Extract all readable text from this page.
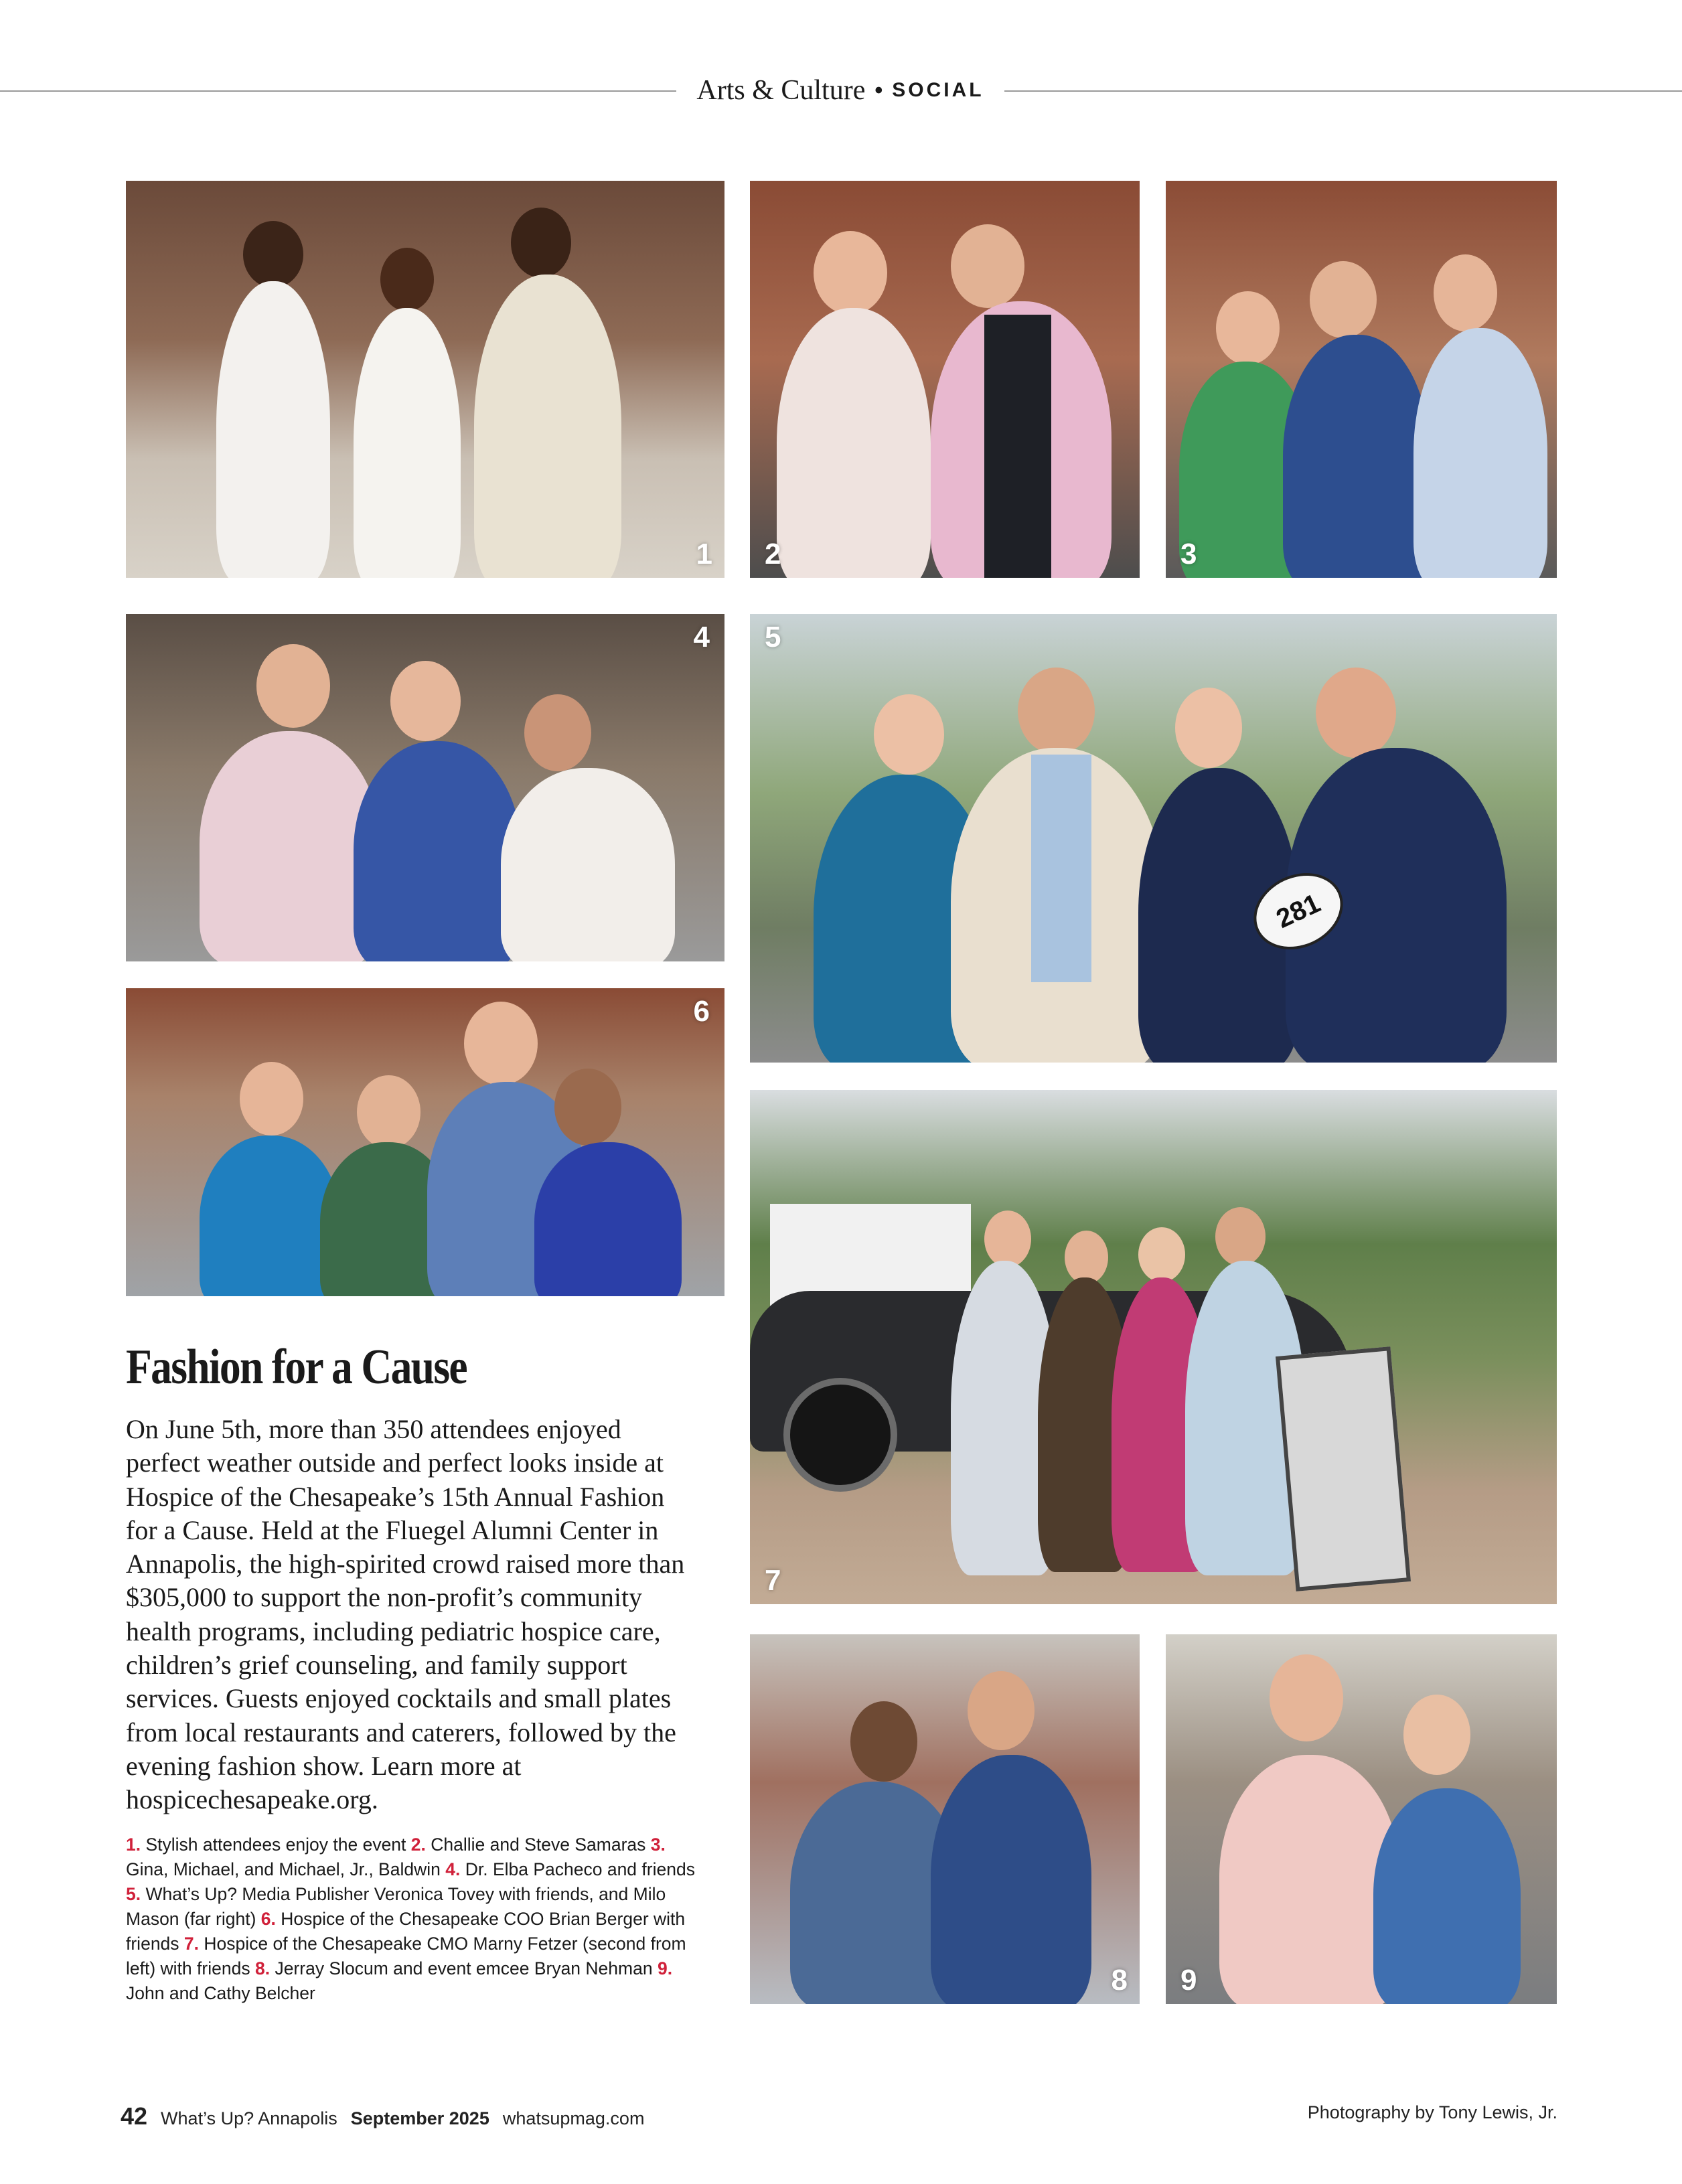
Arts & Culture • SOCIAL
1 2	3
4
281
5
6
7
8 9
Fashion for a Cause
On June 5th, more than 350 attendees enjoyed perfect weather outside and perfect looks inside at Hospice of the Chesapeake’s 15th Annual Fashion for a Cause. Held at the Fluegel Alumni Center in Annapolis, the high-spirited crowd raised more than $305,000 to support the non-profit’s community health programs, including pediatric hospice care, children’s grief counseling, and family support services. Guests enjoyed cocktails and small plates from local restaurants and caterers, followed by the evening fashion show. Learn more at hospicechesapeake.org.
1. Stylish attendees enjoy the event 2. Challie and Steve Samaras 3. Gina, Michael, and Michael, Jr., Baldwin 4. Dr. Elba Pacheco and friends 5. What’s Up? Media Publisher Veronica Tovey with friends, and Milo Mason (far right) 6. Hospice of the Chesapeake COO Brian Berger with friends 7. Hospice of the Chesapeake CMO Marny Fetzer (second from left) with friends 8. Jerray Slocum and event emcee Bryan Nehman 9. John and Cathy Belcher
42 What’s Up? Annapolis September 2025 whatsupmag.com	Photography by Tony Lewis, Jr.
